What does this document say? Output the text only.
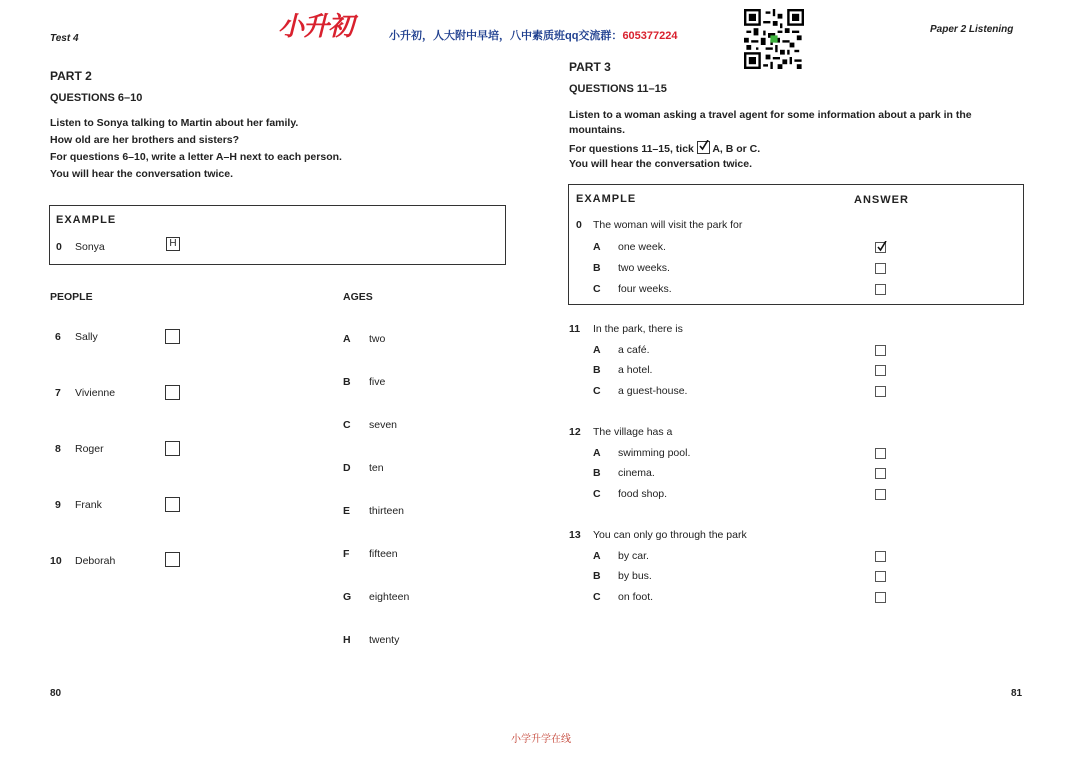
Test 4	小升初	小升初，人大附中早培，八中素质班qq交流群：605377224
Paper 2 Listening
PART 2
QUESTIONS 6–10
Listen to Sonya talking to Martin about her family.
How old are her brothers and sisters?
For questions 6–10, write a letter A–H next to each person.
You will hear the conversation twice.
EXAMPLE
0 Sonya	H
PEOPLE	AGES
6 Sally
7 Vivienne
8 Roger
9 Frank
10 Deborah
A two
B five
C seven
D ten
E thirteen
F fifteen
G eighteen
H twenty
80
PART 3
QUESTIONS 11–15
Listen to a woman asking a travel agent for some information about a park in the
mountains.
For questions 11–15, tick A, B or C.
You will hear the conversation twice.
EXAMPLE	ANSWER
0 The woman will visit the park for
A one week.
B two weeks.
C four weeks.
11 In the park, there is
A a café.
B a hotel.
C a guest-house.
12 The village has a
A swimming pool.
B cinema.
C food shop.
13 You can only go through the park
A by car.
B by bus.
C on foot.
81
小学升学在线
